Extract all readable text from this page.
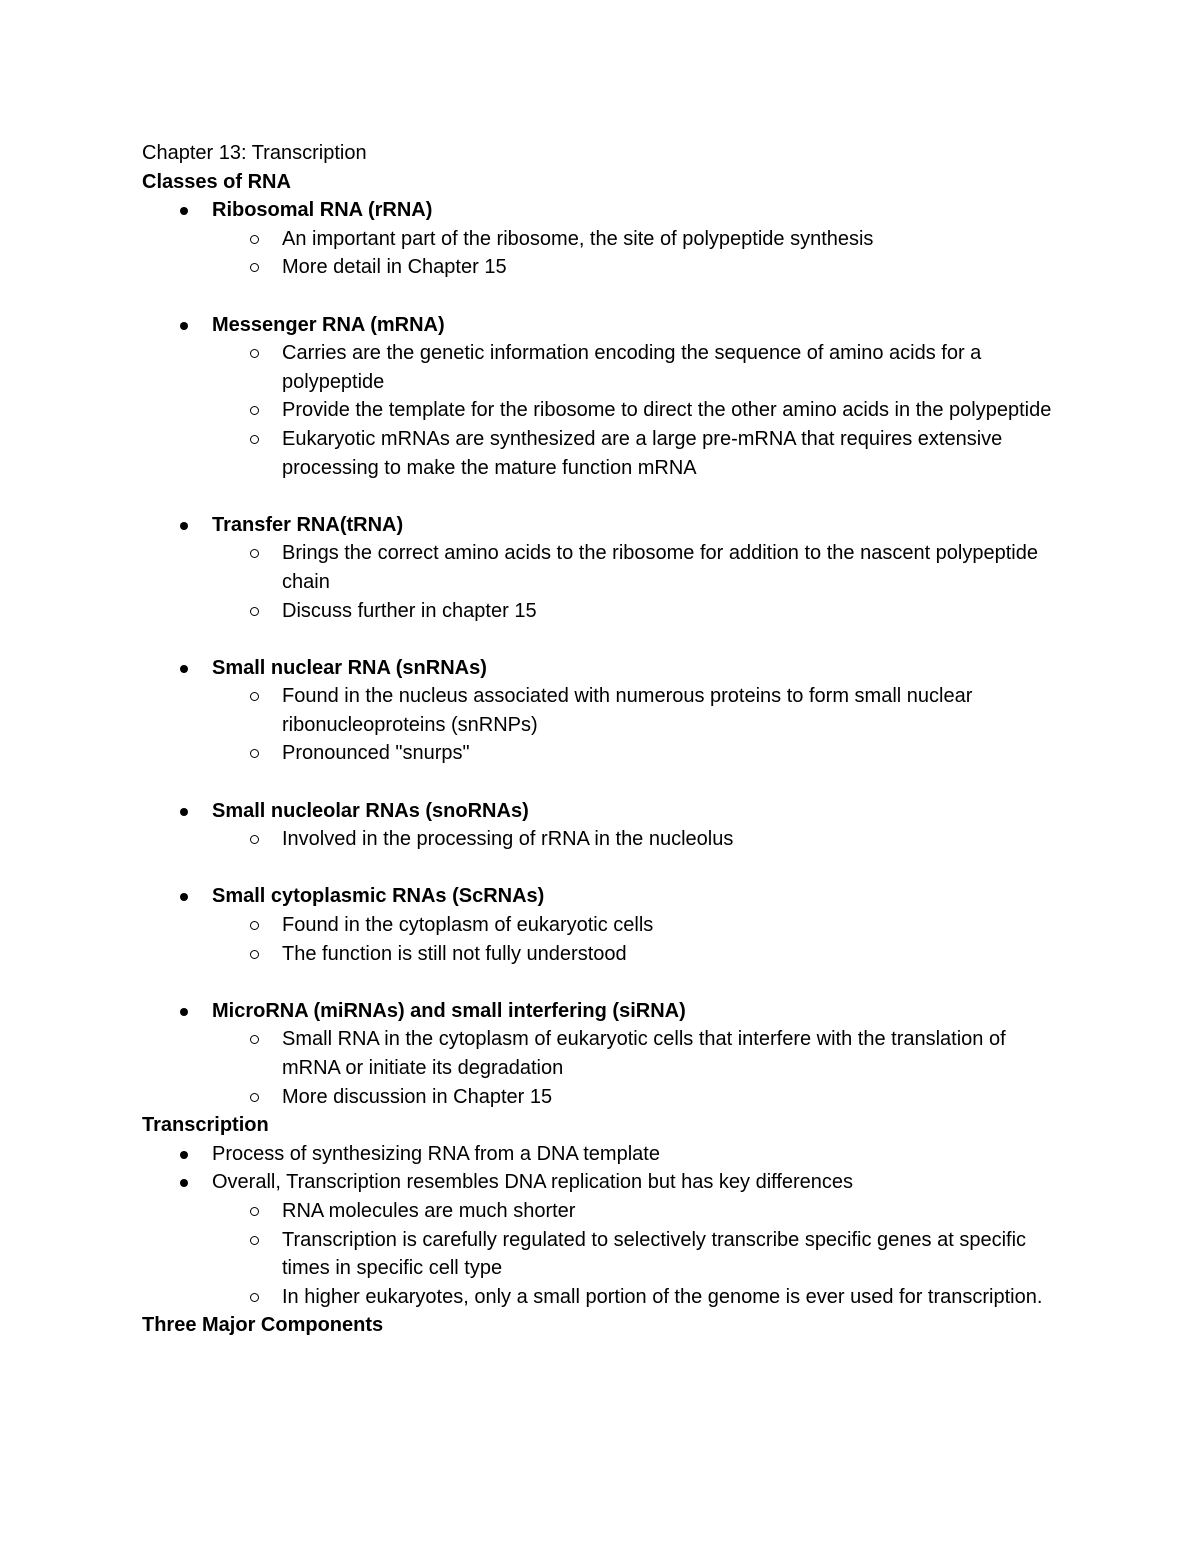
Chapter 13: Transcription
Classes of RNA
Ribosomal RNA (rRNA)
An important part of the ribosome, the site of polypeptide synthesis
More detail in Chapter 15
Messenger RNA (mRNA)
Carries are the genetic information encoding the sequence of amino acids for a polypeptide
Provide the template for the ribosome to direct the other amino acids in the polypeptide
Eukaryotic mRNAs are synthesized are a large pre-mRNA that requires extensive processing to make the mature function mRNA
Transfer RNA(tRNA)
Brings the correct amino acids to the ribosome for addition to the nascent polypeptide chain
Discuss further in chapter 15
Small nuclear RNA (snRNAs)
Found in the nucleus associated with numerous proteins to form small nuclear ribonucleoproteins (snRNPs)
Pronounced "snurps"
Small nucleolar RNAs (snoRNAs)
Involved in the processing of rRNA in the nucleolus
Small cytoplasmic RNAs (ScRNAs)
Found in the cytoplasm of eukaryotic cells
The function is still not fully understood
MicroRNA (miRNAs) and small interfering (siRNA)
Small RNA in the cytoplasm of eukaryotic cells that interfere with the translation of mRNA or initiate its degradation
More discussion in Chapter 15
Transcription
Process of synthesizing RNA from a DNA template
Overall, Transcription resembles DNA replication but has key differences
RNA molecules are much shorter
Transcription is carefully regulated to selectively transcribe specific genes at specific times in specific cell type
In higher eukaryotes, only a small portion of the genome is ever used for transcription.
Three Major Components
